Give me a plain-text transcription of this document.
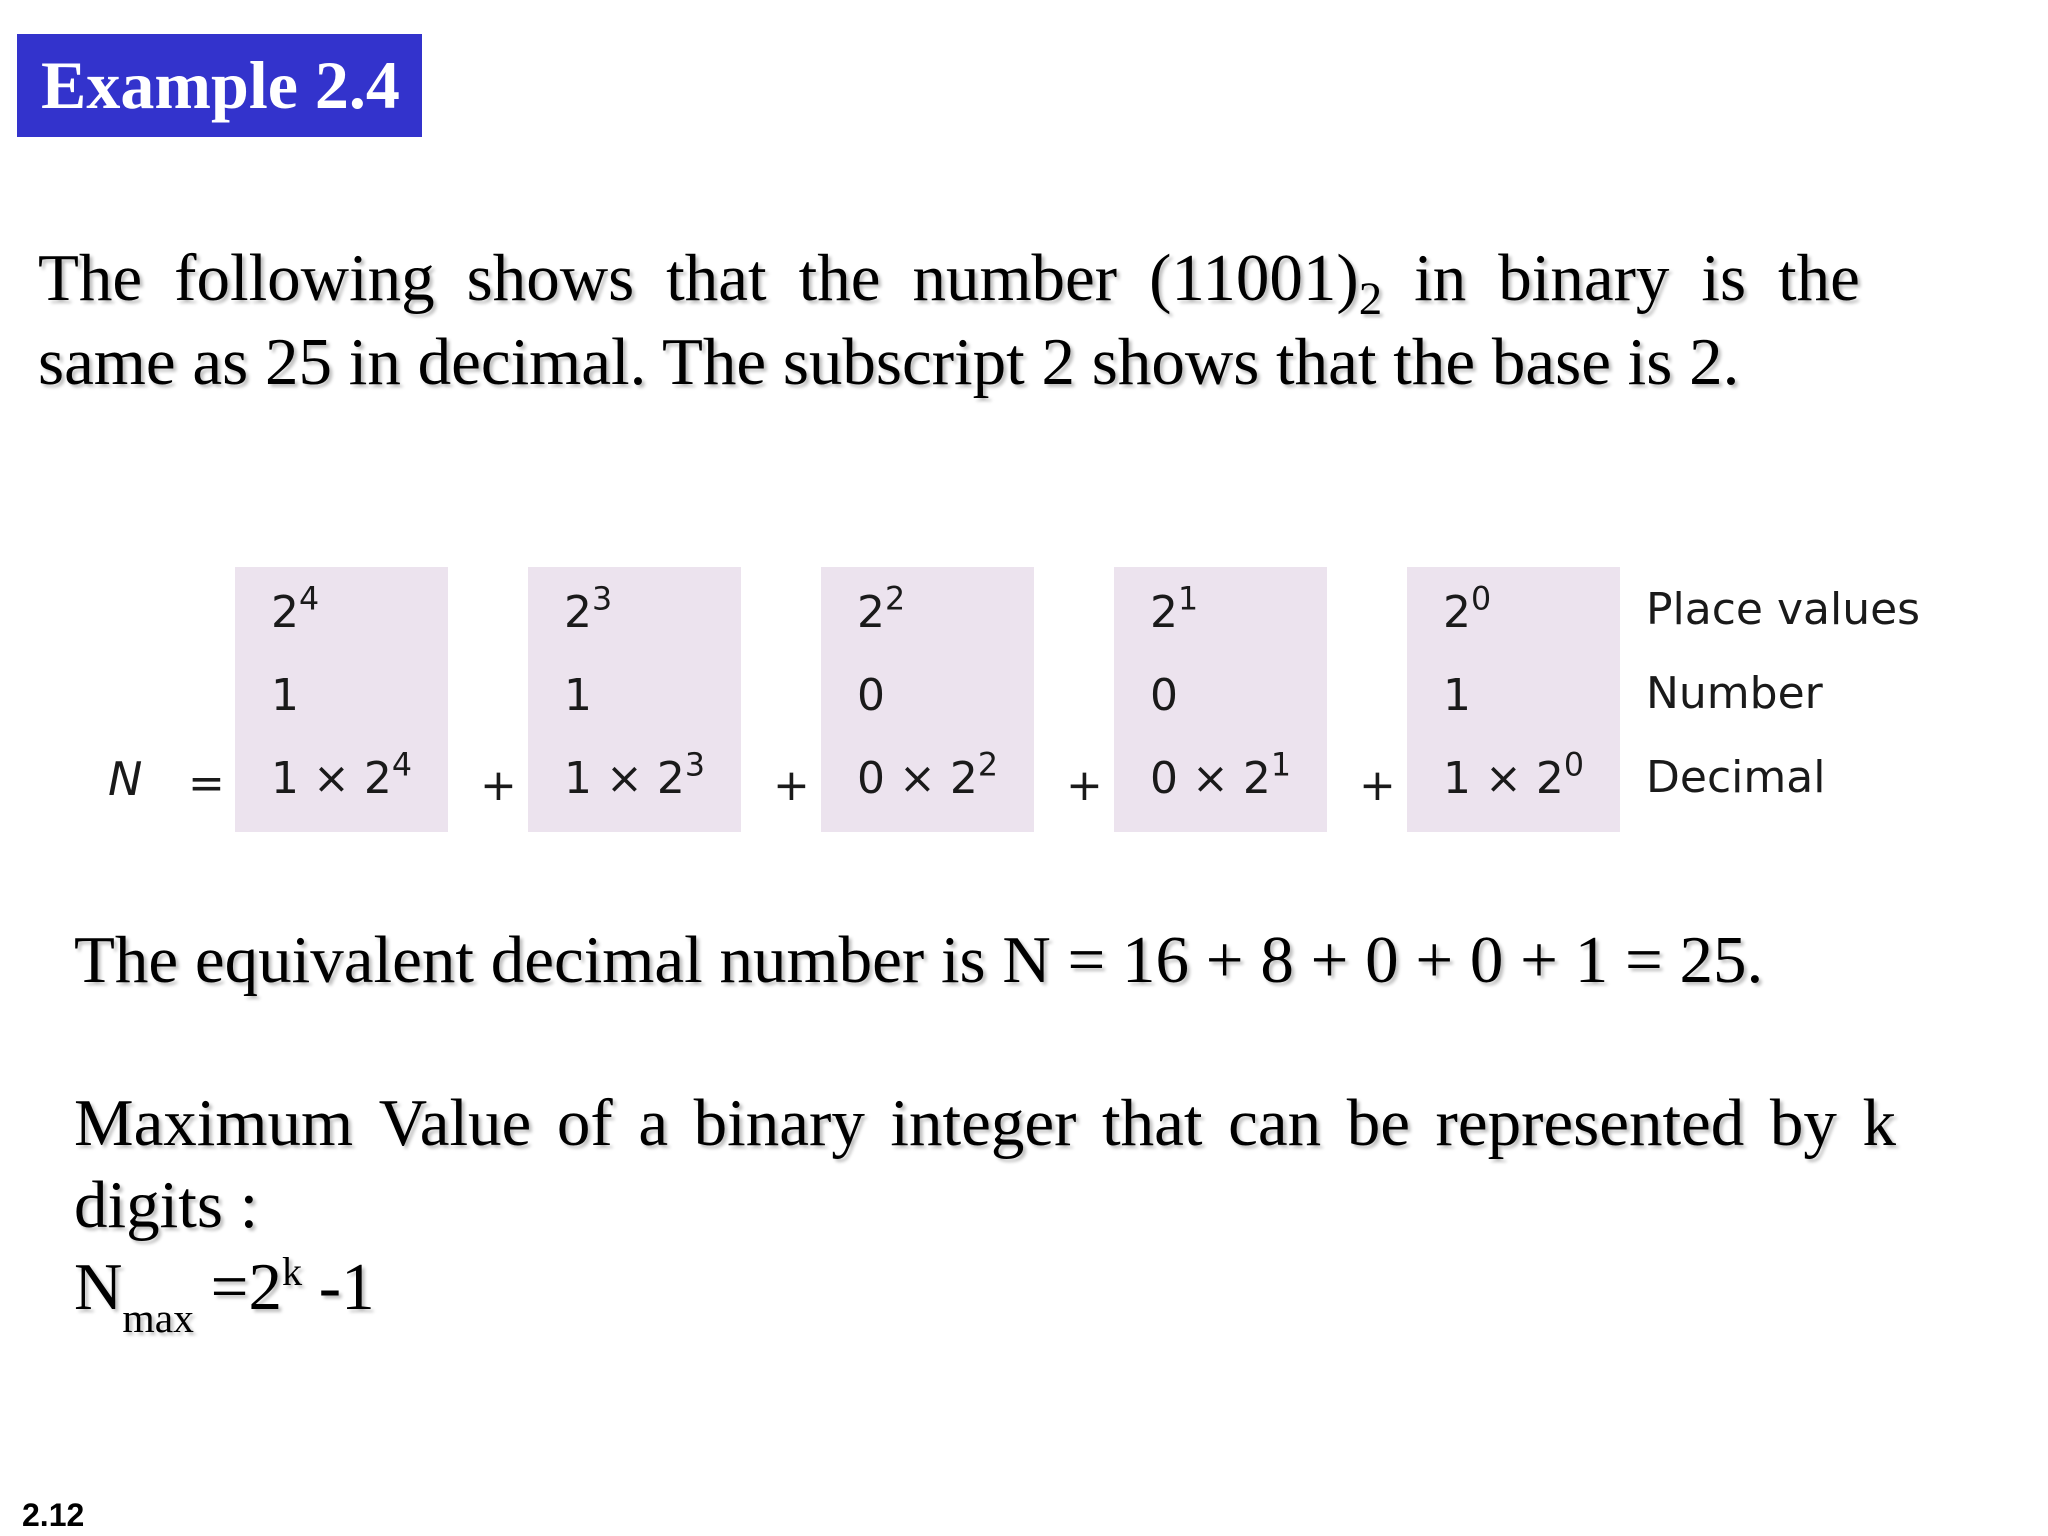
Example 2.4
The following shows that the number $(11001)_2$ in binary is the
same as 25 in decimal. The subscript 2 shows that the base is 2.
N =
$2^4$
1
$1 \times 2^4$ +
$2^3$
1
$1 \times 2^3$ +
$2^2$
0
$0 \times 2^2$ +
$2^1$
0
$0 \times 2^1$ +
$2^0$
1
$1 \times 2^0$
Place values
Number
Decimal
The equivalent decimal number is N = 16 + 8 + 0 + 0 + 1 = 25.
Maximum Value of a binary integer that can be represented by k
digits :
$N_{max} =2^k$ -1
2.12
